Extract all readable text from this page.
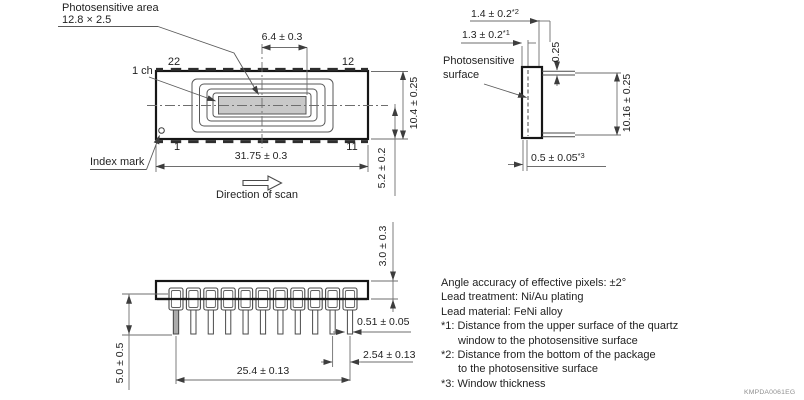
Photosensitive area
12.8 × 2.5
1 ch
22	12
1	11
6.4 ± 0.3
31.75 ± 0.3
Index mark
Direction of scan
10.4 ± 0.25
5.2 ± 0.2
$1.4 \pm 0.2^{*2}$
$1.3 \pm 0.2^{*1}$
Photosensitive
surface
0.25
10.16 ± 0.25
$0.5 \pm 0.05^{*3}$
3.0 ± 0.3
0.51 ± 0.05
2.54 ± 0.13
25.4 ± 0.13
5.0 ± 0.5
Angle accuracy of effective pixels: ±2°
Lead treatment: Ni/Au plating
Lead material: FeNi alloy
*1: Distance from the upper surface of the quartz
window to the photosensitive surface
*2: Distance from the bottom of the package
to the photosensitive surface
*3: Window thickness
KMPDA0061EG
